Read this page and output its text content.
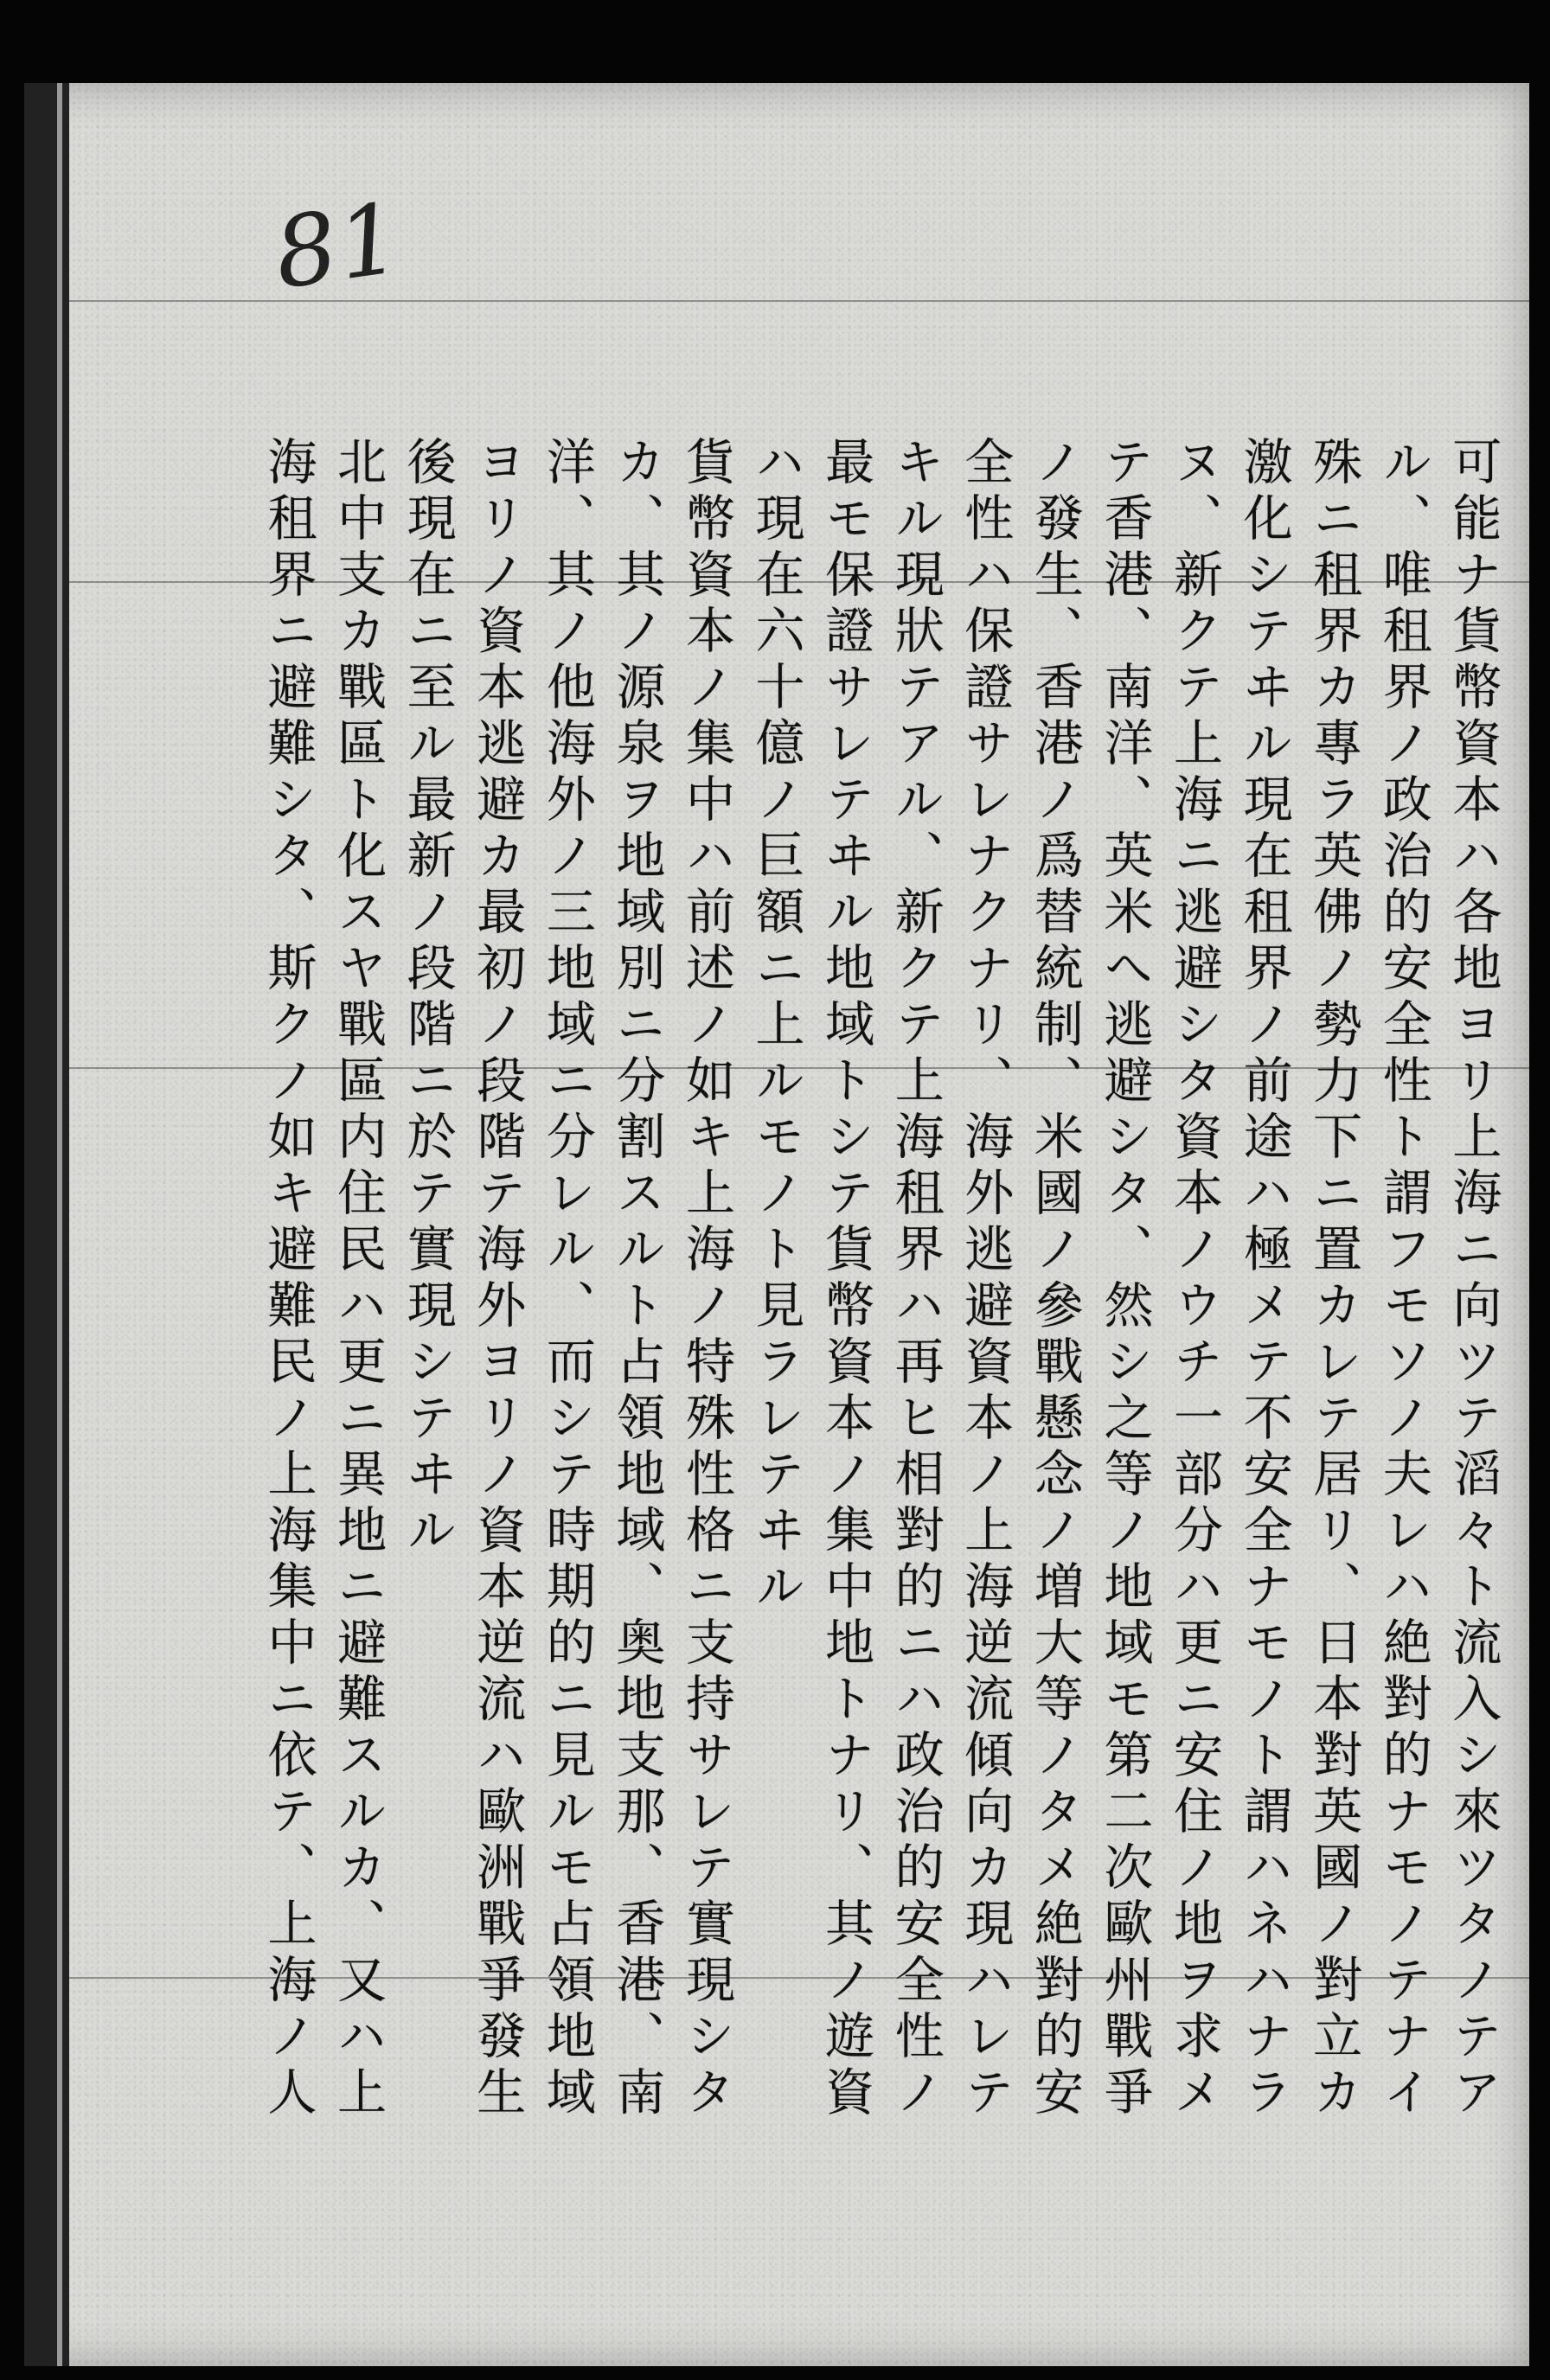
81
可能ナ貨幣資本ハ各地ヨリ上海ニ向ツテ滔々ト流入シ來ツタノテア
ル、唯租界ノ政治的安全性ト謂フモソノ夫レハ絶對的ナモノテナイ
殊ニ租界カ專ラ英佛ノ勢力下ニ置カレテ居リ、日本對英國ノ對立カ
激化シテヰル現在租界ノ前途ハ極メテ不安全ナモノト謂ハネハナラ
ヌ、新クテ上海ニ逃避シタ資本ノウチ一部分ハ更ニ安住ノ地ヲ求メ
テ香港、南洋、英米へ逃避シタ、然シ之等ノ地域モ第二次歐州戰爭
ノ發生、香港ノ爲替統制、米國ノ參戰懸念ノ増大等ノタメ絶對的安
全性ハ保證サレナクナリ、海外逃避資本ノ上海逆流傾向カ現ハレテ
キル現狀テアル、新クテ上海租界ハ再ヒ相對的ニハ政治的安全性ノ
最モ保證サレテヰル地域トシテ貨幣資本ノ集中地トナリ、其ノ遊資
ハ現在六十億ノ巨額ニ上ルモノト見ラレテヰル
貨幣資本ノ集中ハ前述ノ如キ上海ノ特殊性格ニ支持サレテ實現シタ
カ、其ノ源泉ヲ地域別ニ分割スルト占領地域、奥地支那、香港、南
洋、其ノ他海外ノ三地域ニ分レル、而シテ時期的ニ見ルモ占領地域
ヨリノ資本逃避カ最初ノ段階テ海外ヨリノ資本逆流ハ歐洲戰爭發生
後現在ニ至ル最新ノ段階ニ於テ實現シテヰル
北中支カ戰區ト化スヤ戰區内住民ハ更ニ異地ニ避難スルカ、又ハ上
海租界ニ避難シタ、斯クノ如キ避難民ノ上海集中ニ依テ、上海ノ人
